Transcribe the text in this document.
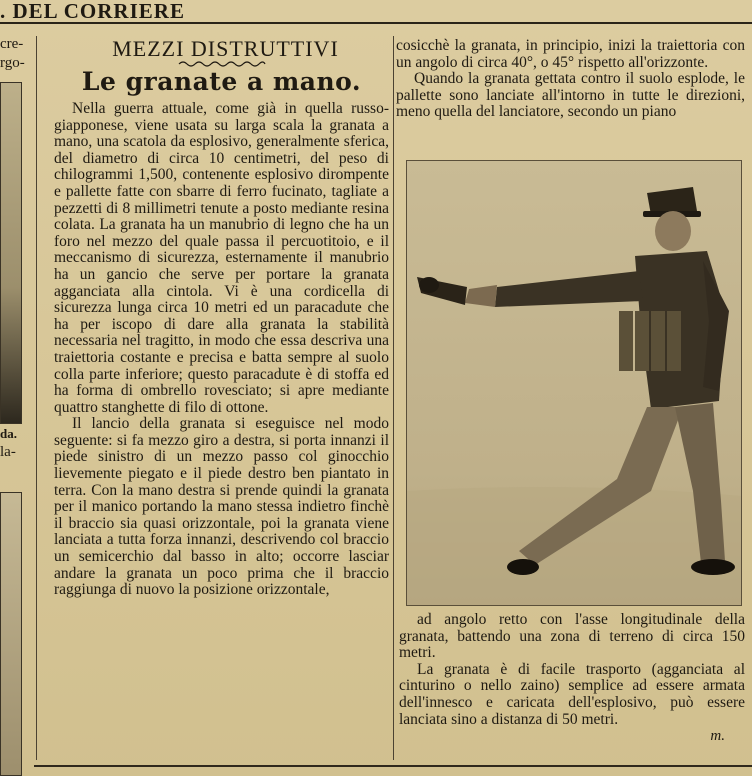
. DEL CORRIERE
cre-
rgo-
da.
la-
MEZZI DISTRUTTIVI
Le granate a mano.

Nella guerra attuale, come già in quella russo-giapponese, viene usata su larga scala la granata a mano, una scatola da esplosivo, generalmente sferica, del diametro di circa 10 centimetri, del peso di chilogrammi 1,500, contenente esplosivo dirompente e pallette fatte con sbarre di ferro fucinato, tagliate a pezzetti di 8 millimetri tenute a posto mediante resina colata. La granata ha un manubrio di legno che ha un foro nel mezzo del quale passa il percuotitoio, e il meccanismo di sicurezza, esternamente il manubrio ha un gancio che serve per portare la granata agganciata alla cintola. Vi è una cordicella di sicurezza lunga circa 10 metri ed un paracadute che ha per iscopo di dare alla granata la stabilità necessaria nel tragitto, in modo che essa descriva una traiettoria costante e precisa e batta sempre al suolo colla parte inferiore; questo paracadute è di stoffa ed ha forma di ombrello rovesciato; si apre mediante quattro stanghette di filo di ottone.

Il lancio della granata si eseguisce nel modo seguente: si fa mezzo giro a destra, si porta innanzi il piede sinistro di un mezzo passo col ginocchio lievemente piegato e il piede destro ben piantato in terra. Con la mano destra si prende quindi la granata per il manico portando la mano stessa indietro finchè il braccio sia quasi orizzontale, poi la granata viene lanciata a tutta forza innanzi, descrivendo col braccio un semicerchio dal basso in alto; occorre lasciar andare la granata un poco prima che il braccio raggiunga di nuovo la posizione orizzontale,

cosicchè la granata, in principio, inizi la traiettoria con un angolo di circa 40°, o 45° rispetto all'orizzonte.

Quando la granata gettata contro il suolo esplode, le pallette sono lanciate all'intorno in tutte le direzioni, meno quella del lanciatore, secondo un piano

ad angolo retto con l'asse longitudinale della granata, battendo una zona di terreno di circa 150 metri.

La granata è di facile trasporto (agganciata al cinturino o nello zaino) semplice ad essere armata dell'innesco e caricata dell'esplosivo, può essere lanciata sino a distanza di 50 metri.

m.
